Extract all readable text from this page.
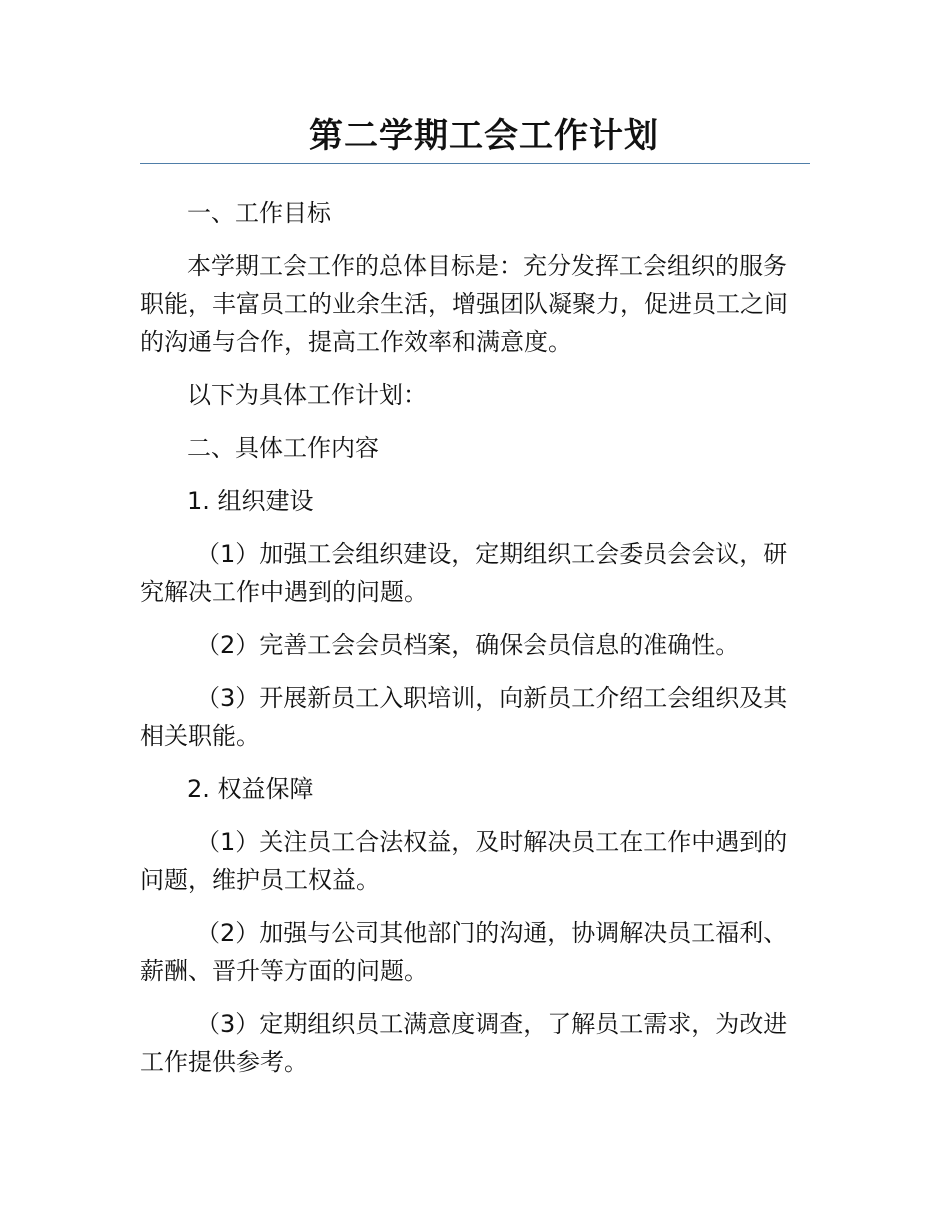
第二学期工会工作计划

一、工作目标

本学期工会工作的总体目标是：充分发挥工会组织的服务职能，丰富员工的业余生活，增强团队凝聚力，促进员工之间的沟通与合作，提高工作效率和满意度。

以下为具体工作计划：

二、具体工作内容

1. 组织建设

（1）加强工会组织建设，定期组织工会委员会会议，研究解决工作中遇到的问题。

（2）完善工会会员档案，确保会员信息的准确性。

（3）开展新员工入职培训，向新员工介绍工会组织及其相关职能。

2. 权益保障

（1）关注员工合法权益，及时解决员工在工作中遇到的问题，维护员工权益。

（2）加强与公司其他部门的沟通，协调解决员工福利、薪酬、晋升等方面的问题。

（3）定期组织员工满意度调查，了解员工需求，为改进工作提供参考。
